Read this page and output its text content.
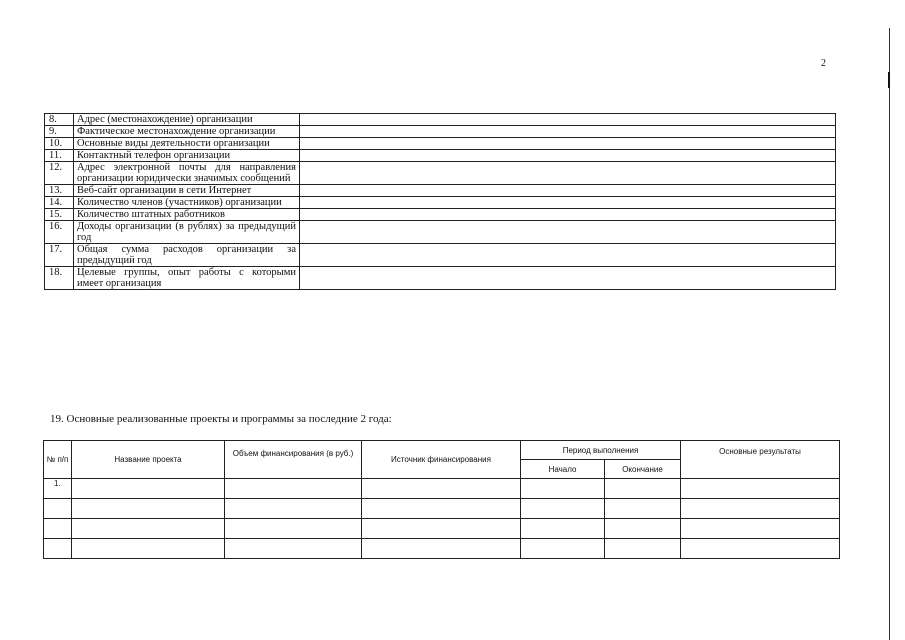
2
8.	Адрес (местонахождение) организации	
9.	Фактическое местонахождение организации	
10.	Основные виды деятельности организации	
11.	Контактный телефон организации	
12.	Адрес электронной почты для направления организации юридически значимых сообщений	
13.	Веб-сайт организации в сети Интернет	
14.	Количество членов (участников) организации	
15.	Количество штатных работников	
16.	Доходы организации (в рублях) за предыдущий год	
17.	Общая сумма расходов организации за предыдущий год	
18.	Целевые группы, опыт работы с которыми имеет организация	
19. Основные реализованные проекты и программы за последние 2 года:
№ п/п	Название проекта	Объем финансирования (в руб.)	Источник финансирования	Период выполнения		Основные результаты
				Начало	Окончание	
1.						
